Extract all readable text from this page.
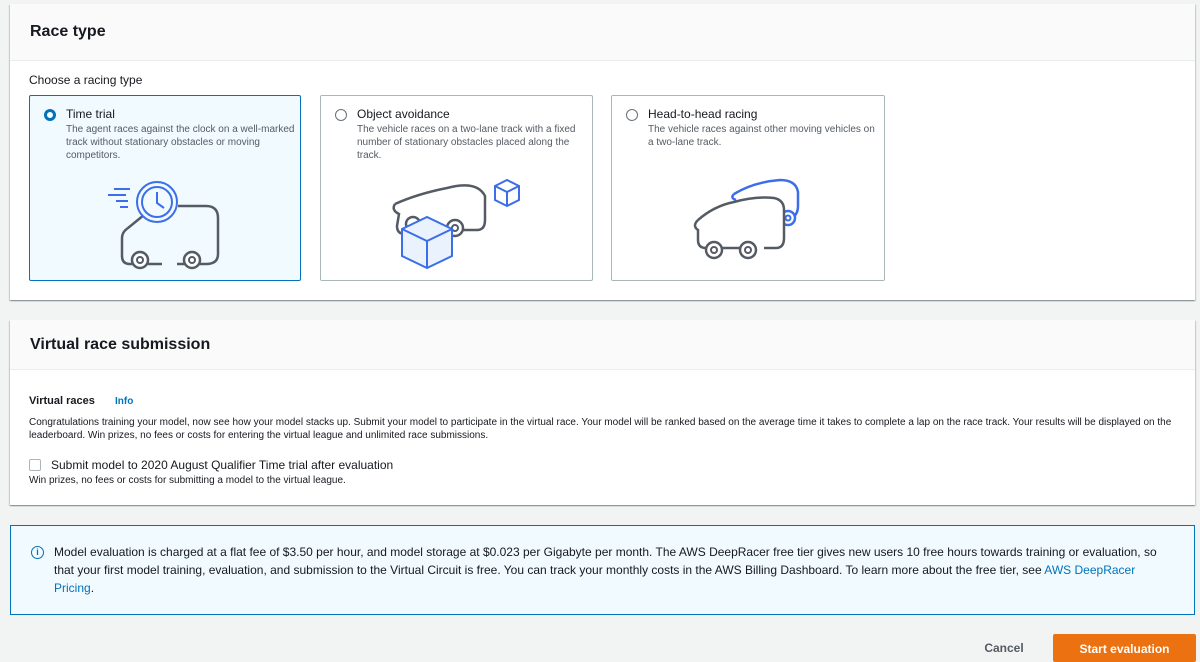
Race type
Choose a racing type
Time trial
The agent races against the clock on a well-marked track without stationary obstacles or moving competitors.
Object avoidance
The vehicle races on a two-lane track with a fixed number of stationary obstacles placed along the track.
Head-to-head racing
The vehicle races against other moving vehicles on a two-lane track.
Virtual race submission
Virtual races Info
Congratulations training your model, now see how your model stacks up. Submit your model to participate in the virtual race. Your model will be ranked based on the average time it takes to complete a lap on the race track. Your results will be displayed on the leaderboard. Win prizes, no fees or costs for entering the virtual league and unlimited race submissions.
Submit model to 2020 August Qualifier Time trial after evaluation
Win prizes, no fees or costs for submitting a model to the virtual league.
i	Model evaluation is charged at a flat fee of $3.50 per hour, and model storage at $0.023 per Gigabyte per month. The AWS DeepRacer free tier gives new users 10 free hours towards training or evaluation, so that your first model training, evaluation, and submission to the Virtual Circuit is free. You can track your monthly costs in the AWS Billing Dashboard. To learn more about the free tier, see AWS DeepRacer Pricing.
Cancel	Start evaluation
